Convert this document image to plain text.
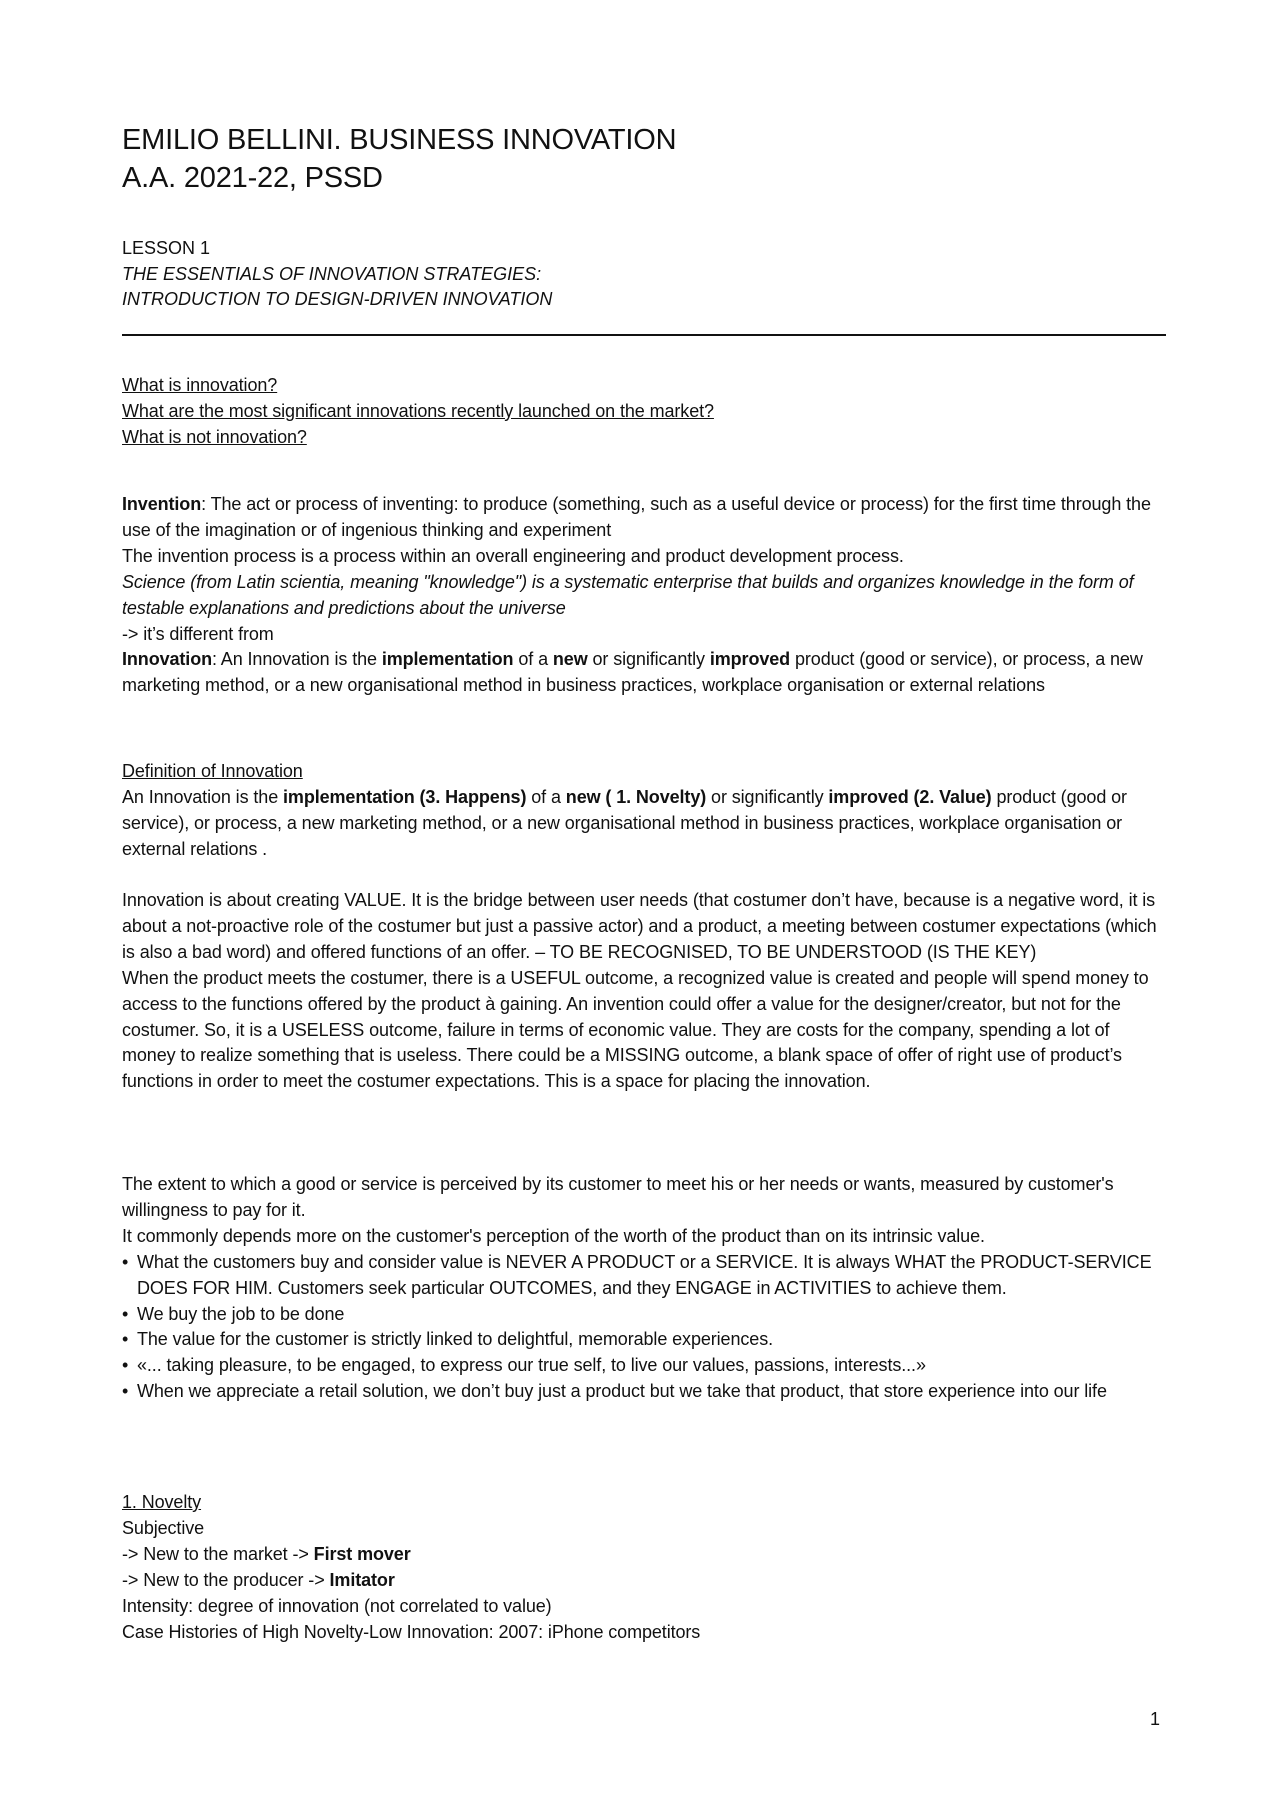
EMILIO BELLINI. BUSINESS INNOVATION
A.A. 2021-22, PSSD
LESSON 1
THE ESSENTIALS OF INNOVATION STRATEGIES:
INTRODUCTION TO DESIGN-DRIVEN INNOVATION

What is innovation?

What are the most significant innovations recently launched on the market?

What is not innovation?

Invention: The act or process of inventing: to produce (something, such as a useful device or process) for the first time through the use of the imagination or of ingenious thinking and experiment

The invention process is a process within an overall engineering and product development process.

Science (from Latin scientia, meaning "knowledge") is a systematic enterprise that builds and organizes knowledge in the form of testable explanations and predictions about the universe

-> it’s different from

Innovation: An Innovation is the implementation of a new or significantly improved product (good or service), or process, a new marketing method, or a new organisational method in business practices, workplace organisation or external relations

Definition of Innovation

An Innovation is the implementation (3. Happens) of a new ( 1. Novelty) or significantly improved (2. Value) product (good or service), or process, a new marketing method, or a new organisational method in business practices, workplace organisation or external relations .

Innovation is about creating VALUE. It is the bridge between user needs (that costumer don’t have, because is a negative word, it is about a not-proactive role of the costumer but just a passive actor) and a product, a meeting between costumer expectations (which is also a bad word) and offered functions of an offer. – TO BE RECOGNISED, TO BE UNDERSTOOD (IS THE KEY)

When the product meets the costumer, there is a USEFUL outcome, a recognized value is created and people will spend money to access to the functions offered by the product à gaining. An invention could offer a value for the designer/creator, but not for the costumer. So, it is a USELESS outcome, failure in terms of economic value. They are costs for the company, spending a lot of money to realize something that is useless. There could be a MISSING outcome, a blank space of offer of right use of product’s functions in order to meet the costumer expectations. This is a space for placing the innovation.

The extent to which a good or service is perceived by its customer to meet his or her needs or wants, measured by customer's willingness to pay for it.

It commonly depends more on the customer's perception of the worth of the product than on its intrinsic value.

• What the customers buy and consider value is NEVER A PRODUCT or a SERVICE. It is always WHAT the PRODUCT-SERVICE DOES FOR HIM. Customers seek particular OUTCOMES, and they ENGAGE in ACTIVITIES to achieve them.
• We buy the job to be done
• The value for the customer is strictly linked to delightful, memorable experiences.
• «... taking pleasure, to be engaged, to express our true self, to live our values, passions, interests...»
• When we appreciate a retail solution, we don’t buy just a product but we take that product, that store experience into our life

1. Novelty

Subjective

-> New to the market -> First mover

-> New to the producer -> Imitator

Intensity: degree of innovation (not correlated to value)

Case Histories of High Novelty-Low Innovation: 2007: iPhone competitors

1
